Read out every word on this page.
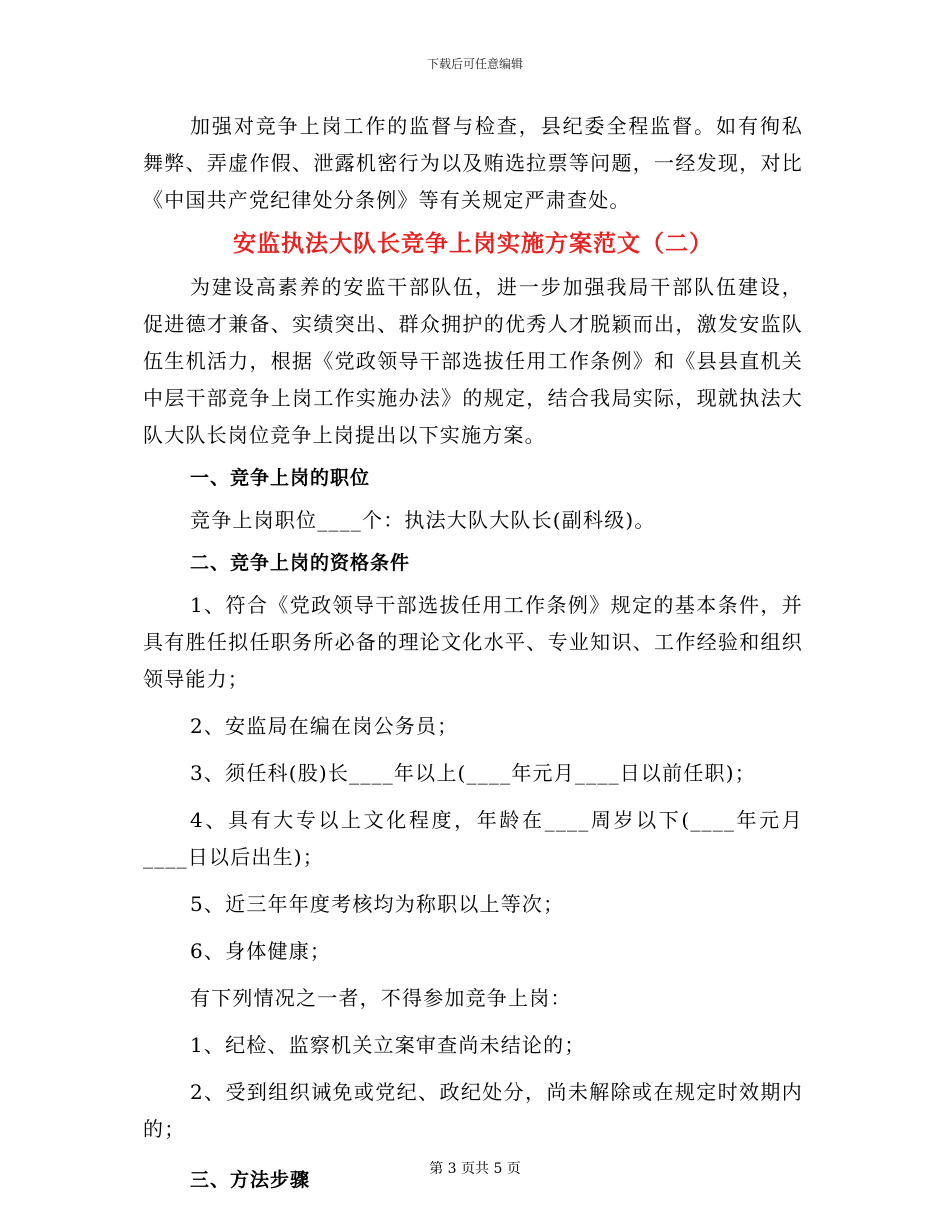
下载后可任意编辑

加强对竞争上岗工作的监督与检查，县纪委全程监督。如有徇私舞弊、弄虚作假、泄露机密行为以及贿选拉票等问题，一经发现，对比《中国共产党纪律处分条例》等有关规定严肃查处。

安监执法大队长竞争上岗实施方案范文（二）

为建设高素养的安监干部队伍，进一步加强我局干部队伍建设，促进德才兼备、实绩突出、群众拥护的优秀人才脱颖而出，激发安监队伍生机活力，根据《党政领导干部选拔任用工作条例》和《县县直机关中层干部竞争上岗工作实施办法》的规定，结合我局实际，现就执法大队大队长岗位竞争上岗提出以下实施方案。

一、竞争上岗的职位

竞争上岗职位____个：执法大队大队长(副科级)。

二、竞争上岗的资格条件

1、符合《党政领导干部选拔任用工作条例》规定的基本条件，并具有胜任拟任职务所必备的理论文化水平、专业知识、工作经验和组织领导能力；

2、安监局在编在岗公务员；

3、须任科(股)长____年以上(____年元月____日以前任职)；

4、具有大专以上文化程度，年龄在____周岁以下(____年元月____日以后出生)；

5、近三年年度考核均为称职以上等次；

6、身体健康；

有下列情况之一者，不得参加竞争上岗：

1、纪检、监察机关立案审查尚未结论的；

2、受到组织诫免或党纪、政纪处分，尚未解除或在规定时效期内的；

三、方法步骤	第 3 页共 5 页
